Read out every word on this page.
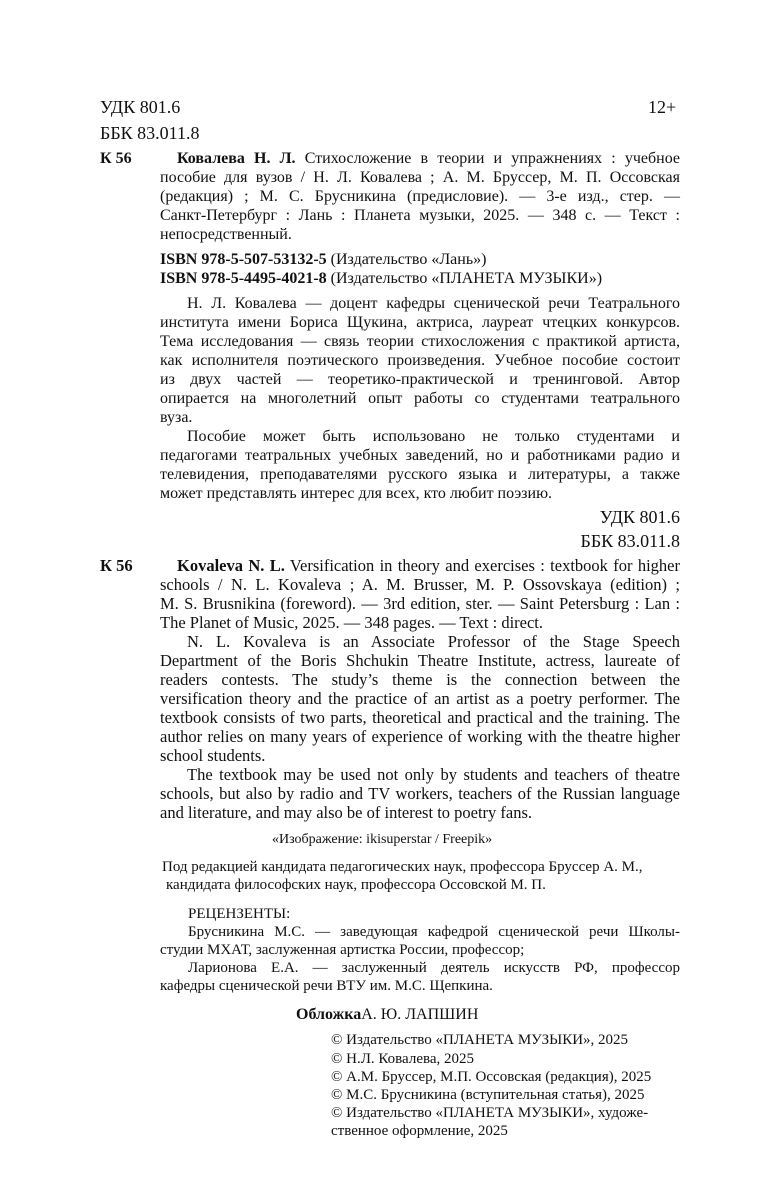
УДК 801.6	12+
ББК 83.011.8
К 56	Ковалева Н. Л. Стихосложение в теории и упражнениях : учебное
пособие для вузов / Н. Л. Ковалева ; А. М. Бруссер, М. П. Оссовская
(редакция) ; М. С. Брусникина (предисловие). — 3-е изд., стер. —
Санкт-Петербург : Лань : Планета музыки, 2025. — 348 с. — Текст :
непосредственный.
ISBN 978-5-507-53132-5 (Издательство «Лань»)
ISBN 978-5-4495-4021-8 (Издательство «ПЛАНЕТА МУЗЫКИ»)
Н. Л. Ковалева — доцент кафедры сценической речи Театрального
института имени Бориса Щукина, актриса, лауреат чтецких конкурсов.
Тема исследования — связь теории стихосложения с практикой артиста,
как исполнителя поэтического произведения. Учебное пособие состоит
из двух частей — теоретико-практической и тренинговой. Автор
опирается на многолетний опыт работы со студентами театрального
вуза.
Пособие может быть использовано не только студентами и
педагогами театральных учебных заведений, но и работниками радио и
телевидения, преподавателями русского языка и литературы, а также
может представлять интерес для всех, кто любит поэзию.
УДК 801.6
ББК 83.011.8
К 56	Kovaleva N. L. Versification in theory and exercises : textbook for higher
schools / N. L. Kovaleva ; A. M. Brusser, M. P. Ossovskaya (edition) ;
M. S. Brusnikina (foreword). — 3rd edition, ster. — Saint Petersburg : Lan :
The Planet of Music, 2025. — 348 pages. — Text : direct.
N. L. Kovaleva is an Associate Professor of the Stage Speech
Department of the Boris Shchukin Theatre Institute, actress, laureate of
readers contests. The study’s theme is the connection between the
versification theory and the practice of an artist as a poetry performer. The
textbook consists of two parts, theoretical and practical and the training. The
author relies on many years of experience of working with the theatre higher
school students.
The textbook may be used not only by students and teachers of theatre
schools, but also by radio and TV workers, teachers of the Russian language
and literature, and may also be of interest to poetry fans.
«Изображение: ikisuperstar / Freepik»
Под редакцией кандидата педагогических наук, профессора Бруссер А. М.,
кандидата философских наук, профессора Оссовской М. П.
РЕЦЕНЗЕНТЫ:
Брусникина М.С. — заведующая кафедрой сценической речи Школы-
студии МХАТ, заслуженная артистка России, профессор;
Ларионова Е.А. — заслуженный деятель искусств РФ, профессор
кафедры сценической речи ВТУ им. М.С. Щепкина.
ОбложкаА. Ю. ЛАПШИН
© Издательство «ПЛАНЕТА МУЗЫКИ», 2025
© Н.Л. Ковалева, 2025
© А.М. Бруссер, М.П. Оссовская (редакция), 2025
© М.С. Брусникина (вступительная статья), 2025
© Издательство «ПЛАНЕТА МУЗЫКИ», художе-
ственное оформление, 2025
